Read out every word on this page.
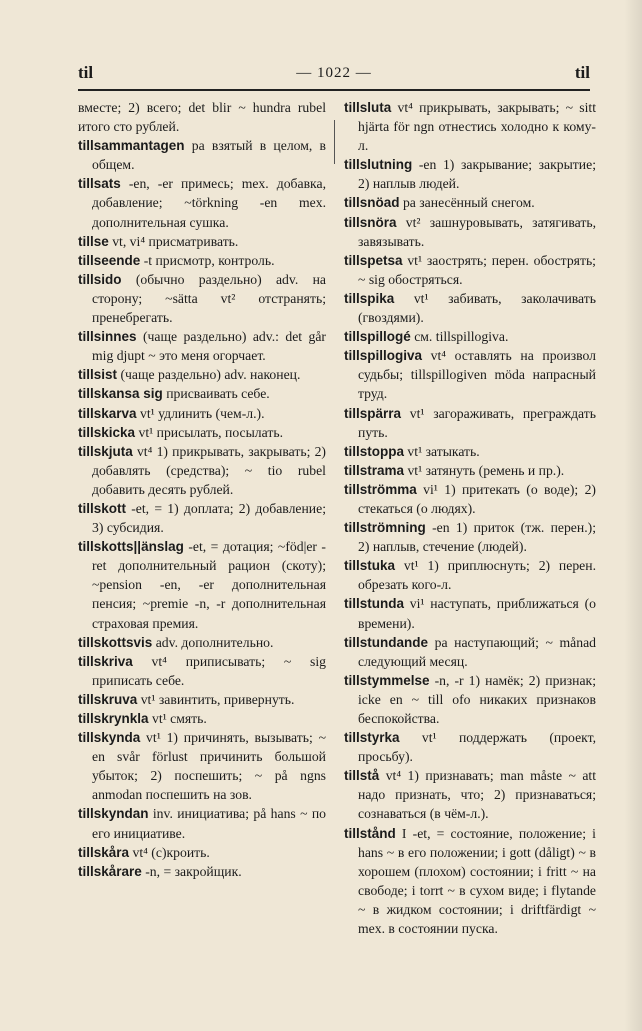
til	— 1022 —	til

вместе; 2) всего; det blir ~ hundra rubel итого сто рублей.

tillsammantagen pa взятый в целом, в общем.

tillsats -en, -er примесь; mex. добавка, добавление; ~törkning -en mex. дополнительная сушка.

tillse vt, vi⁴ присматривать.

tillseende -t присмотр, контроль.

tillsido (обычно раздельно) adv. на сторону; ~sätta vt² отстранять; пренебрегать.

tillsinnes (чаще раздельно) adv.: det går mig djupt ~ это меня огорчает.

tillsist (чаще раздельно) adv. наконец.

tillskansa sig присваивать себе.

tillskarva vt¹ удлинить (чем-л.).

tillskicka vt¹ присылать, посылать.

tillskjuta vt⁴ 1) прикрывать, закрывать; 2) добавлять (средства); ~ tio rubel добавить десять рублей.

tillskott -et, = 1) доплата; 2) добавление; 3) субсидия.

tillskotts||änslag -et, = дотация; ~föd|er -ret дополнительный рацион (скоту); ~pension -en, -er дополнительная пенсия; ~premie -n, -r дополнительная страховая премия.

tillskottsvis adv. дополнительно.

tillskriva vt⁴ приписывать; ~ sig приписать себе.

tillskruva vt¹ завинтить, привернуть.

tillskrynkla vt¹ смять.

tillskynda vt¹ 1) причинять, вызывать; ~ en svår förlust причинить большой убыток; 2) поспешить; ~ på ngns anmodan поспешить на зов.

tillskyndan inv. инициатива; på hans ~ по его инициативе.

tillskåra vt⁴ (с)кроить.

tillskårare -n, = закройщик.

tillsluta vt⁴ прикрывать, закрывать; ~ sitt hjärta för ngn отнестись холодно к кому-л.

tillslutning -en 1) закрывание; закрытие; 2) наплыв людей.

tillsnöad pa занесённый снегом.

tillsnöra vt² зашнуровывать, затягивать, завязывать.

tillspetsa vt¹ заострять; перен. обострять; ~ sig обостряться.

tillspika vt¹ забивать, заколачивать (гвоздями).

tillspillogé см. tillspillogiva.

tillspillogiva vt⁴ оставлять на произвол судьбы; tillspillogiven möda напрасный труд.

tillspärra vt¹ загораживать, преграждать путь.

tillstoppa vt¹ затыкать.

tillstrama vt¹ затянуть (ремень и пр.).

tillströmma vi¹ 1) притекать (о воде); 2) стекаться (о людях).

tillströmning -en 1) приток (тж. перен.); 2) наплыв, стечение (людей).

tillstuka vt¹ 1) приплюснуть; 2) перен. обрезать кого-л.

tillstunda vi¹ наступать, приближаться (о времени).

tillstundande pa наступающий; ~ månad следующий месяц.

tillstymmelse -n, -r 1) намёк; 2) признак; icke en ~ till ofo никаких признаков беспокойства.

tillstyrka vt¹ поддержать (проект, просьбу).

tillstå vt⁴ 1) признавать; man måste ~ att надо признать, что; 2) признаваться; сознаваться (в чём-л.).

tillstånd I -et, = состояние, положение; i hans ~ в его положении; i gott (dåligt) ~ в хорошем (плохом) состоянии; i fritt ~ на свободе; i torrt ~ в сухом виде; i flytande ~ в жидком состоянии; i driftfärdigt ~ mex. в состоянии пуска.
